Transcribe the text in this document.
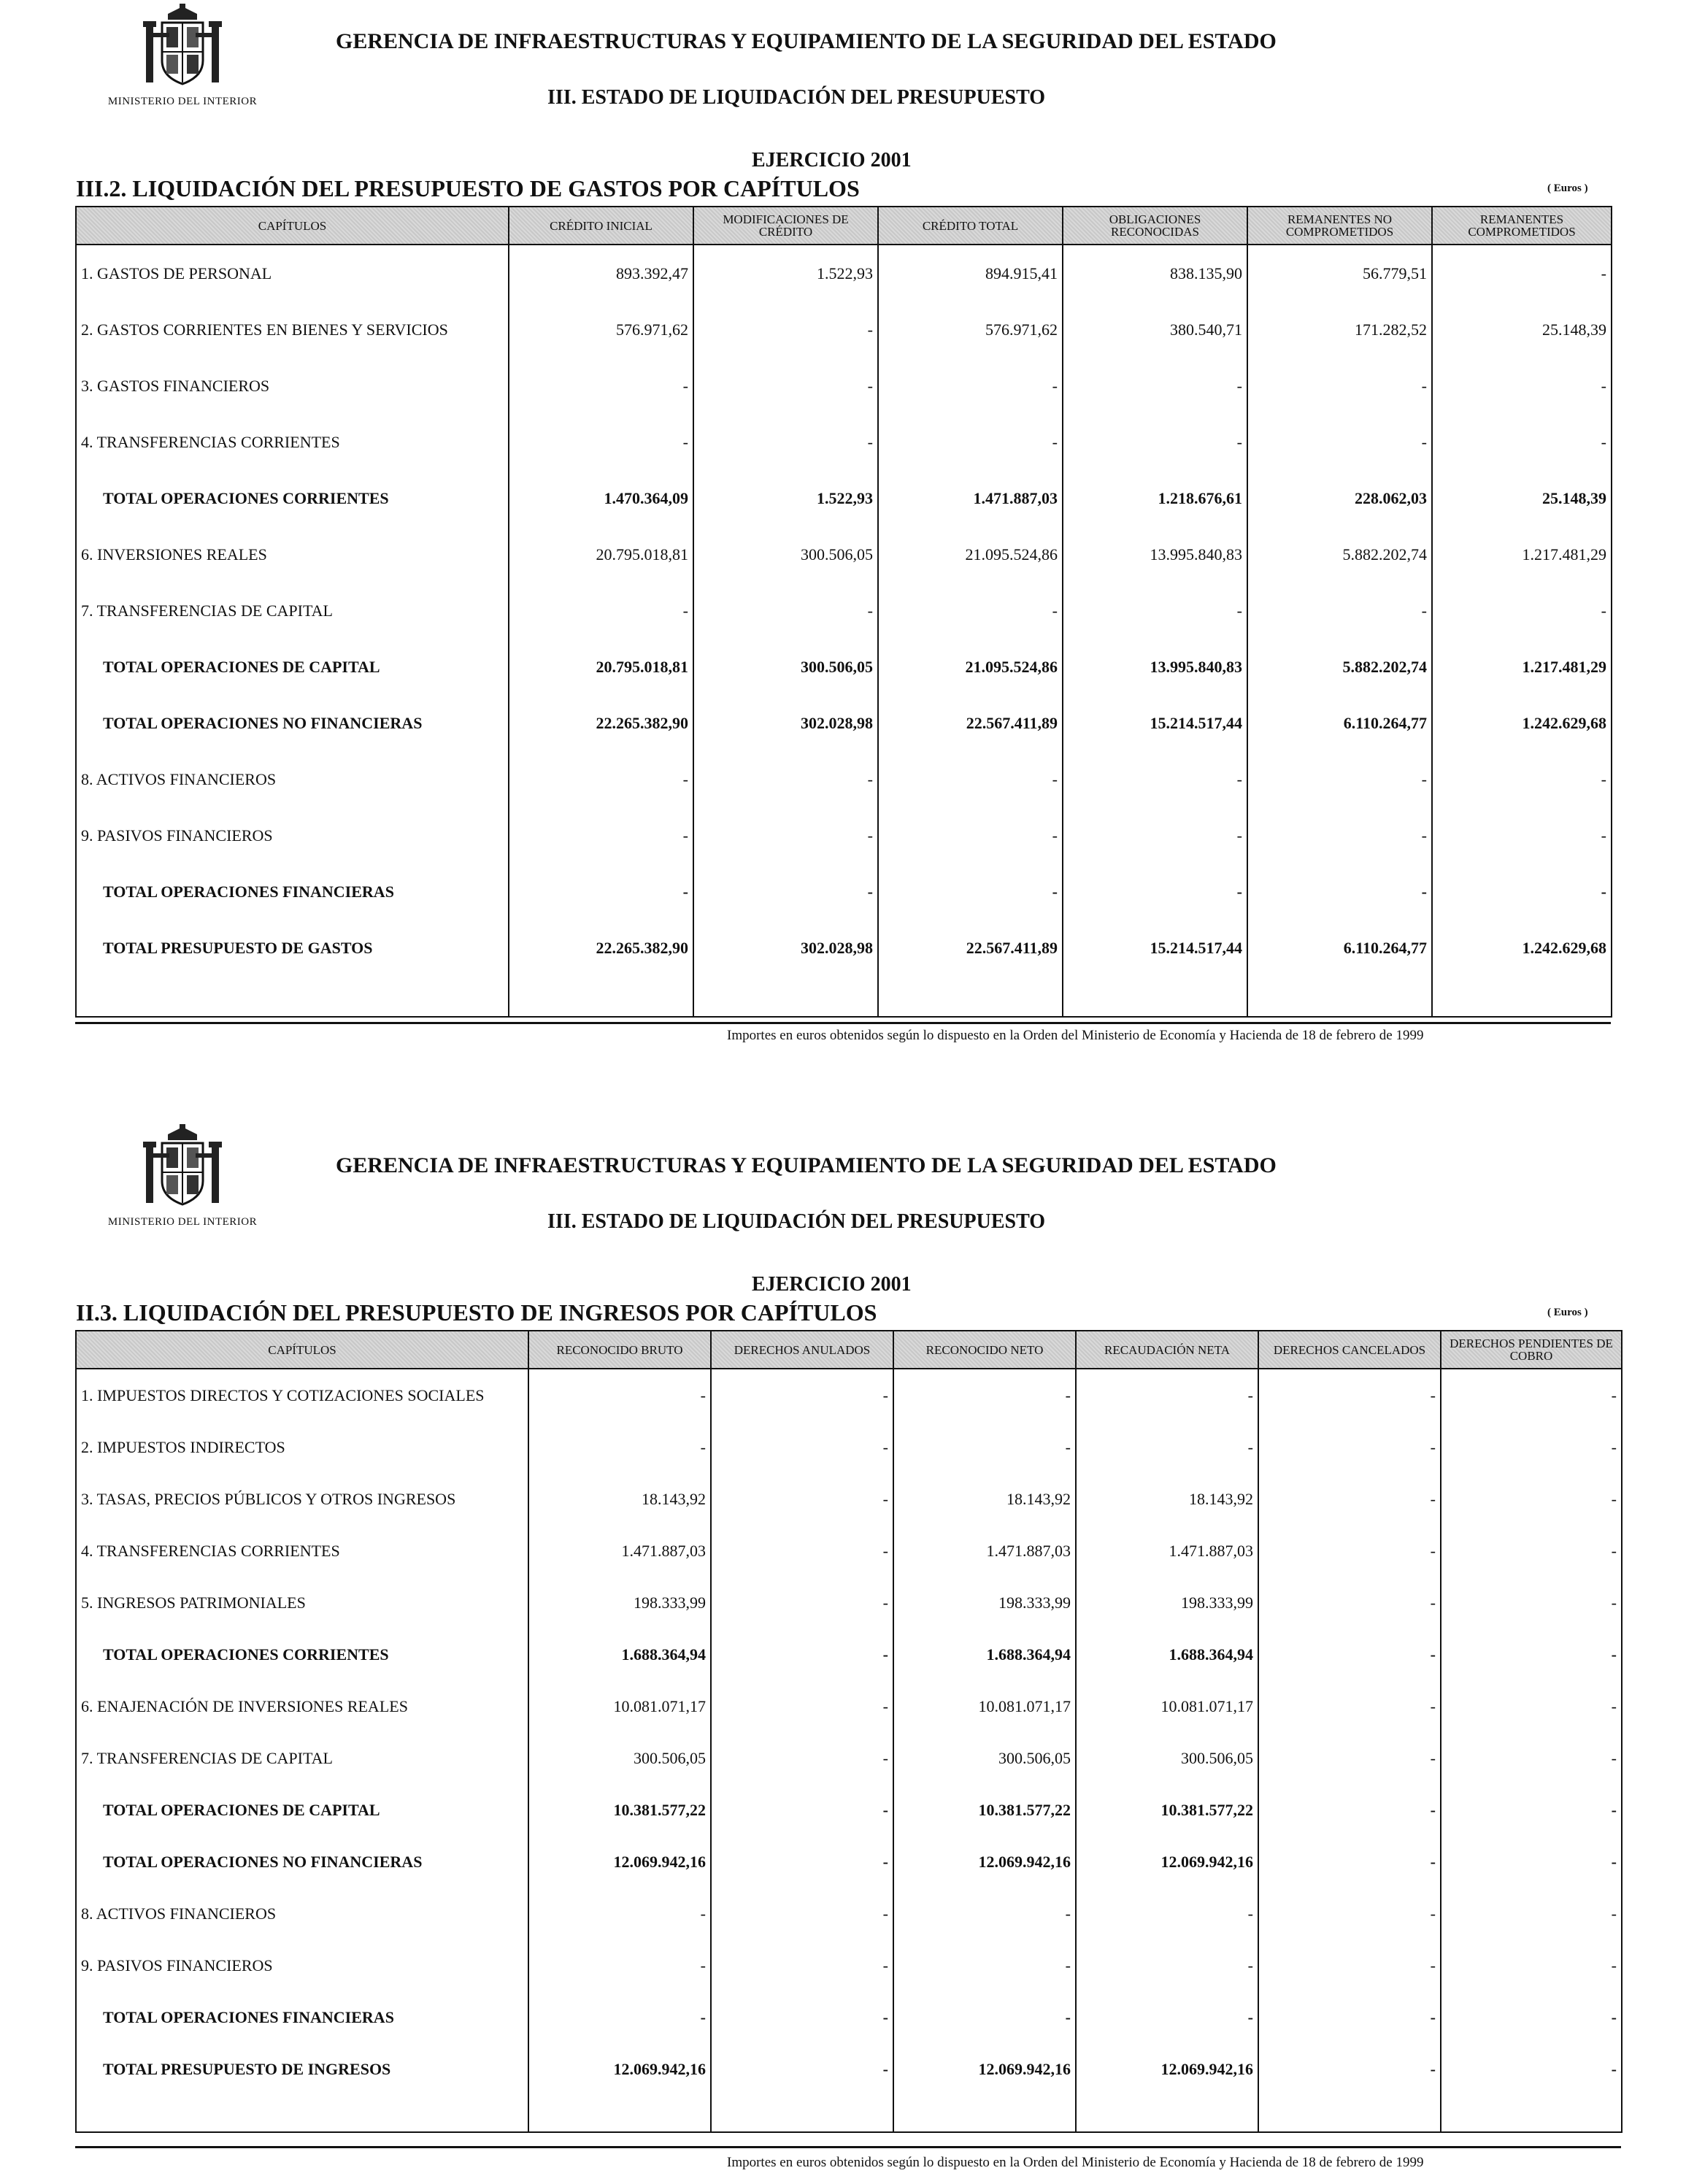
MINISTERIO DEL INTERIOR
GERENCIA DE INFRAESTRUCTURAS Y EQUIPAMIENTO DE LA SEGURIDAD DEL ESTADO
III. ESTADO DE LIQUIDACIÓN DEL PRESUPUESTO
EJERCICIO 2001
III.2. LIQUIDACIÓN DEL PRESUPUESTO DE GASTOS POR CAPÍTULOS	( Euros )
CAPÍTULOS	CRÉDITO INICIAL	MODIFICACIONES DE CRÉDITO	CRÉDITO TOTAL	OBLIGACIONES RECONOCIDAS	REMANENTES NO COMPROMETIDOS	REMANENTES COMPROMETIDOS
1. GASTOS DE PERSONAL	893.392,47	1.522,93	894.915,41	838.135,90	56.779,51	-
2. GASTOS CORRIENTES EN BIENES Y SERVICIOS	576.971,62	-	576.971,62	380.540,71	171.282,52	25.148,39
3. GASTOS FINANCIEROS	-	-	-	-	-	-
4. TRANSFERENCIAS CORRIENTES	-	-	-	-	-	-
TOTAL OPERACIONES CORRIENTES	1.470.364,09	1.522,93	1.471.887,03	1.218.676,61	228.062,03	25.148,39
6. INVERSIONES REALES	20.795.018,81	300.506,05	21.095.524,86	13.995.840,83	5.882.202,74	1.217.481,29
7. TRANSFERENCIAS DE CAPITAL	-	-	-	-	-	-
TOTAL OPERACIONES DE CAPITAL	20.795.018,81	300.506,05	21.095.524,86	13.995.840,83	5.882.202,74	1.217.481,29
TOTAL OPERACIONES NO FINANCIERAS	22.265.382,90	302.028,98	22.567.411,89	15.214.517,44	6.110.264,77	1.242.629,68
8. ACTIVOS FINANCIEROS	-	-	-	-	-	-
9. PASIVOS FINANCIEROS	-	-	-	-	-	-
TOTAL OPERACIONES FINANCIERAS	-	-	-	-	-	-
TOTAL PRESUPUESTO DE GASTOS	22.265.382,90	302.028,98	22.567.411,89	15.214.517,44	6.110.264,77	1.242.629,68

Importes en euros obtenidos según lo dispuesto en la Orden del Ministerio de Economía y Hacienda de 18 de febrero de 1999
MINISTERIO DEL INTERIOR
GERENCIA DE INFRAESTRUCTURAS Y EQUIPAMIENTO DE LA SEGURIDAD DEL ESTADO
III. ESTADO DE LIQUIDACIÓN DEL PRESUPUESTO
EJERCICIO 2001
II.3. LIQUIDACIÓN DEL PRESUPUESTO DE INGRESOS POR CAPÍTULOS	( Euros )
CAPÍTULOS	RECONOCIDO BRUTO	DERECHOS ANULADOS	RECONOCIDO NETO	RECAUDACIÓN NETA	DERECHOS CANCELADOS	DERECHOS PENDIENTES DE COBRO
1. IMPUESTOS DIRECTOS Y COTIZACIONES SOCIALES	-	-	-	-	-	-
2. IMPUESTOS INDIRECTOS	-	-	-	-	-	-
3. TASAS, PRECIOS PÚBLICOS Y OTROS INGRESOS	18.143,92	-	18.143,92	18.143,92	-	-
4. TRANSFERENCIAS CORRIENTES	1.471.887,03	-	1.471.887,03	1.471.887,03	-	-
5. INGRESOS PATRIMONIALES	198.333,99	-	198.333,99	198.333,99	-	-
TOTAL OPERACIONES CORRIENTES	1.688.364,94	-	1.688.364,94	1.688.364,94	-	-
6. ENAJENACIÓN DE INVERSIONES REALES	10.081.071,17	-	10.081.071,17	10.081.071,17	-	-
7. TRANSFERENCIAS DE CAPITAL	300.506,05	-	300.506,05	300.506,05	-	-
TOTAL OPERACIONES DE CAPITAL	10.381.577,22	-	10.381.577,22	10.381.577,22	-	-
TOTAL OPERACIONES NO FINANCIERAS	12.069.942,16	-	12.069.942,16	12.069.942,16	-	-
8. ACTIVOS FINANCIEROS	-	-	-	-	-	-
9. PASIVOS FINANCIEROS	-	-	-	-	-	-
TOTAL OPERACIONES FINANCIERAS	-	-	-	-	-	-
TOTAL PRESUPUESTO DE INGRESOS	12.069.942,16	-	12.069.942,16	12.069.942,16	-	-

Importes en euros obtenidos según lo dispuesto en la Orden del Ministerio de Economía y Hacienda de 18 de febrero de 1999
